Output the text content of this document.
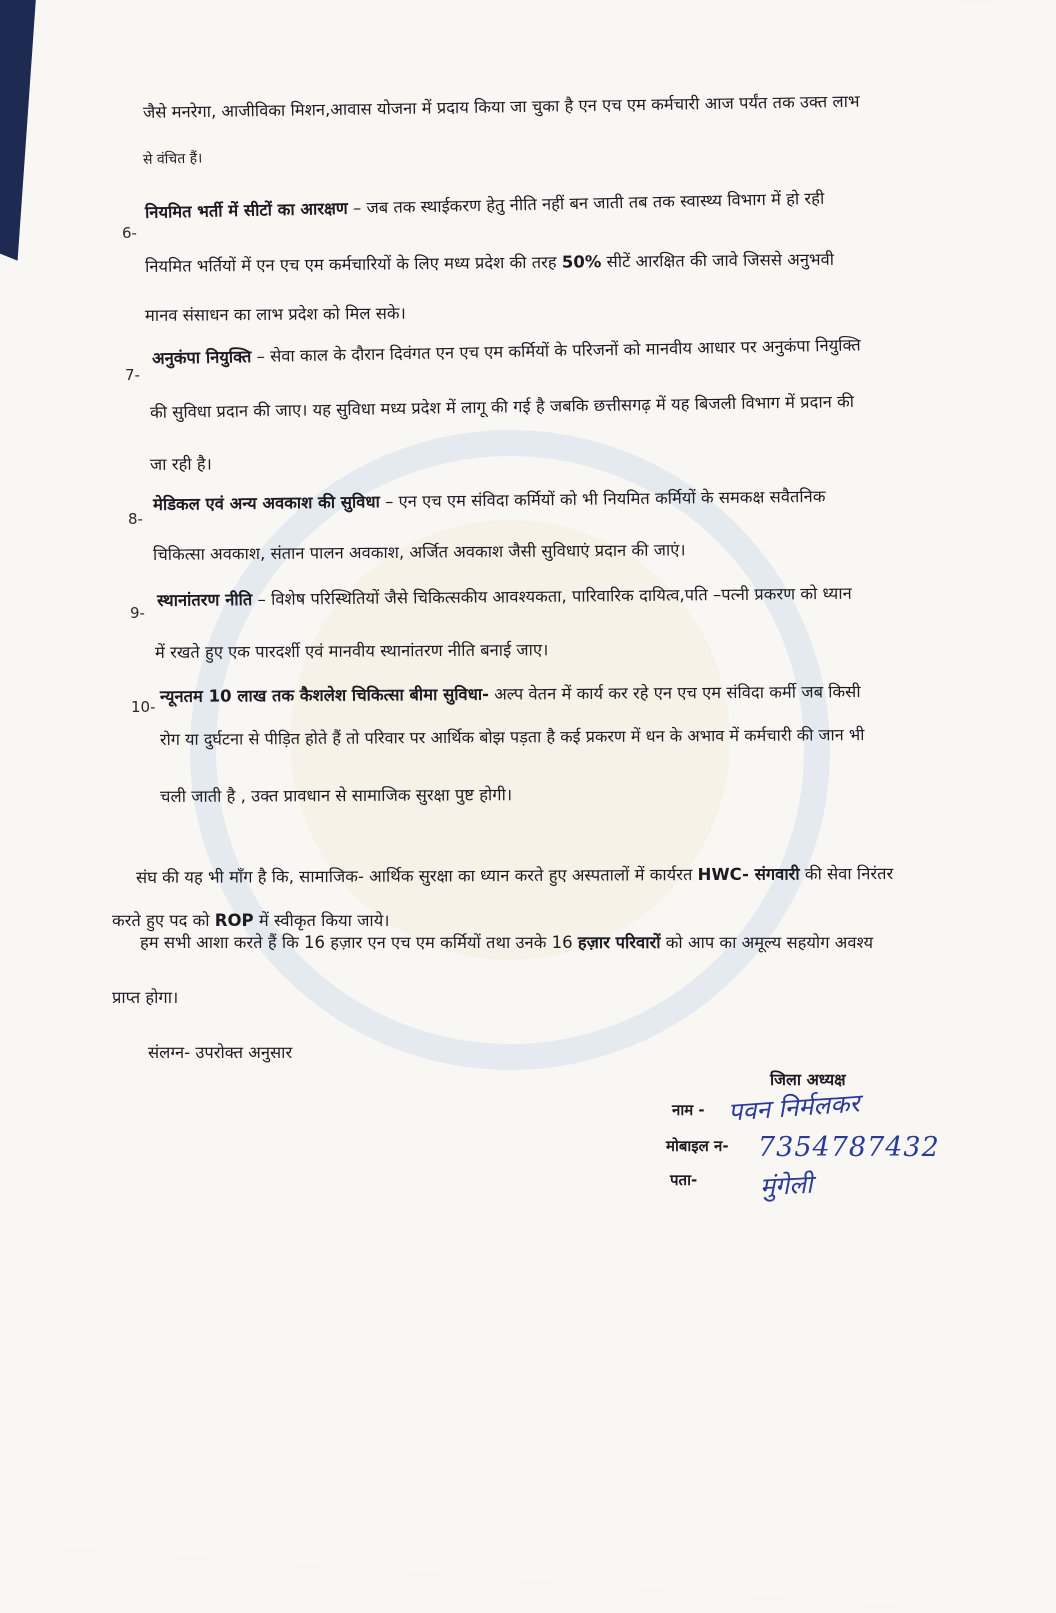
जैसे मनरेगा, आजीविका मिशन,आवास योजना में प्रदाय किया जा चुका है एन एच एम कर्मचारी आज पर्यंत तक उक्त लाभ
से वंचित हैं।
6-
नियमित भर्ती में सीटों का आरक्षण – जब तक स्थाईकरण हेतु नीति नहीं बन जाती तब तक स्वास्थ्य विभाग में हो रही
नियमित भर्तियों में एन एच एम कर्मचारियों के लिए मध्य प्रदेश की तरह 50% सीटें आरक्षित की जावे जिससे अनुभवी
मानव संसाधन का लाभ प्रदेश को मिल सके।
7-
अनुकंपा नियुक्ति – सेवा काल के दौरान दिवंगत एन एच एम कर्मियों के परिजनों को मानवीय आधार पर अनुकंपा नियुक्ति
की सुविधा प्रदान की जाए। यह सुविधा मध्य प्रदेश में लागू की गई है जबकि छत्तीसगढ़ में यह बिजली विभाग में प्रदान की
जा रही है।
8-
मेडिकल एवं अन्य अवकाश की सुविधा – एन एच एम संविदा कर्मियों को भी नियमित कर्मियों के समकक्ष सवैतनिक
चिकित्सा अवकाश, संतान पालन अवकाश, अर्जित अवकाश जैसी सुविधाएं प्रदान की जाएं।
9-
स्थानांतरण नीति – विशेष परिस्थितियों जैसे चिकित्सकीय आवश्यकता, पारिवारिक दायित्व,पति –पत्नी प्रकरण को ध्यान
में रखते हुए एक पारदर्शी एवं मानवीय स्थानांतरण नीति बनाई जाए।
10-
न्यूनतम 10 लाख तक कैशलेश चिकित्सा बीमा सुविधा- अल्प वेतन में कार्य कर रहे एन एच एम संविदा कर्मी जब किसी
रोग या दुर्घटना से पीड़ित होते हैं तो परिवार पर आर्थिक बोझ पड़ता है कई प्रकरण में धन के अभाव में कर्मचारी की जान भी
चली जाती है , उक्त प्रावधान से सामाजिक सुरक्षा पुष्ट होगी।
संघ की यह भी माँग है कि, सामाजिक- आर्थिक सुरक्षा का ध्यान करते हुए अस्पतालों में कार्यरत HWC- संगवारी की सेवा निरंतर
करते हुए पद को ROP में स्वीकृत किया जाये।
हम सभी आशा करते हैं कि 16 हज़ार एन एच एम कर्मियों तथा उनके 16 हज़ार परिवारों को आप का अमूल्य सहयोग अवश्य
प्राप्त होगा।
संलग्न- उपरोक्त अनुसार
जिला अध्यक्ष
नाम -
मोबाइल न-
पता-
पवन निर्मलकर
7354787432
मुंगेली
